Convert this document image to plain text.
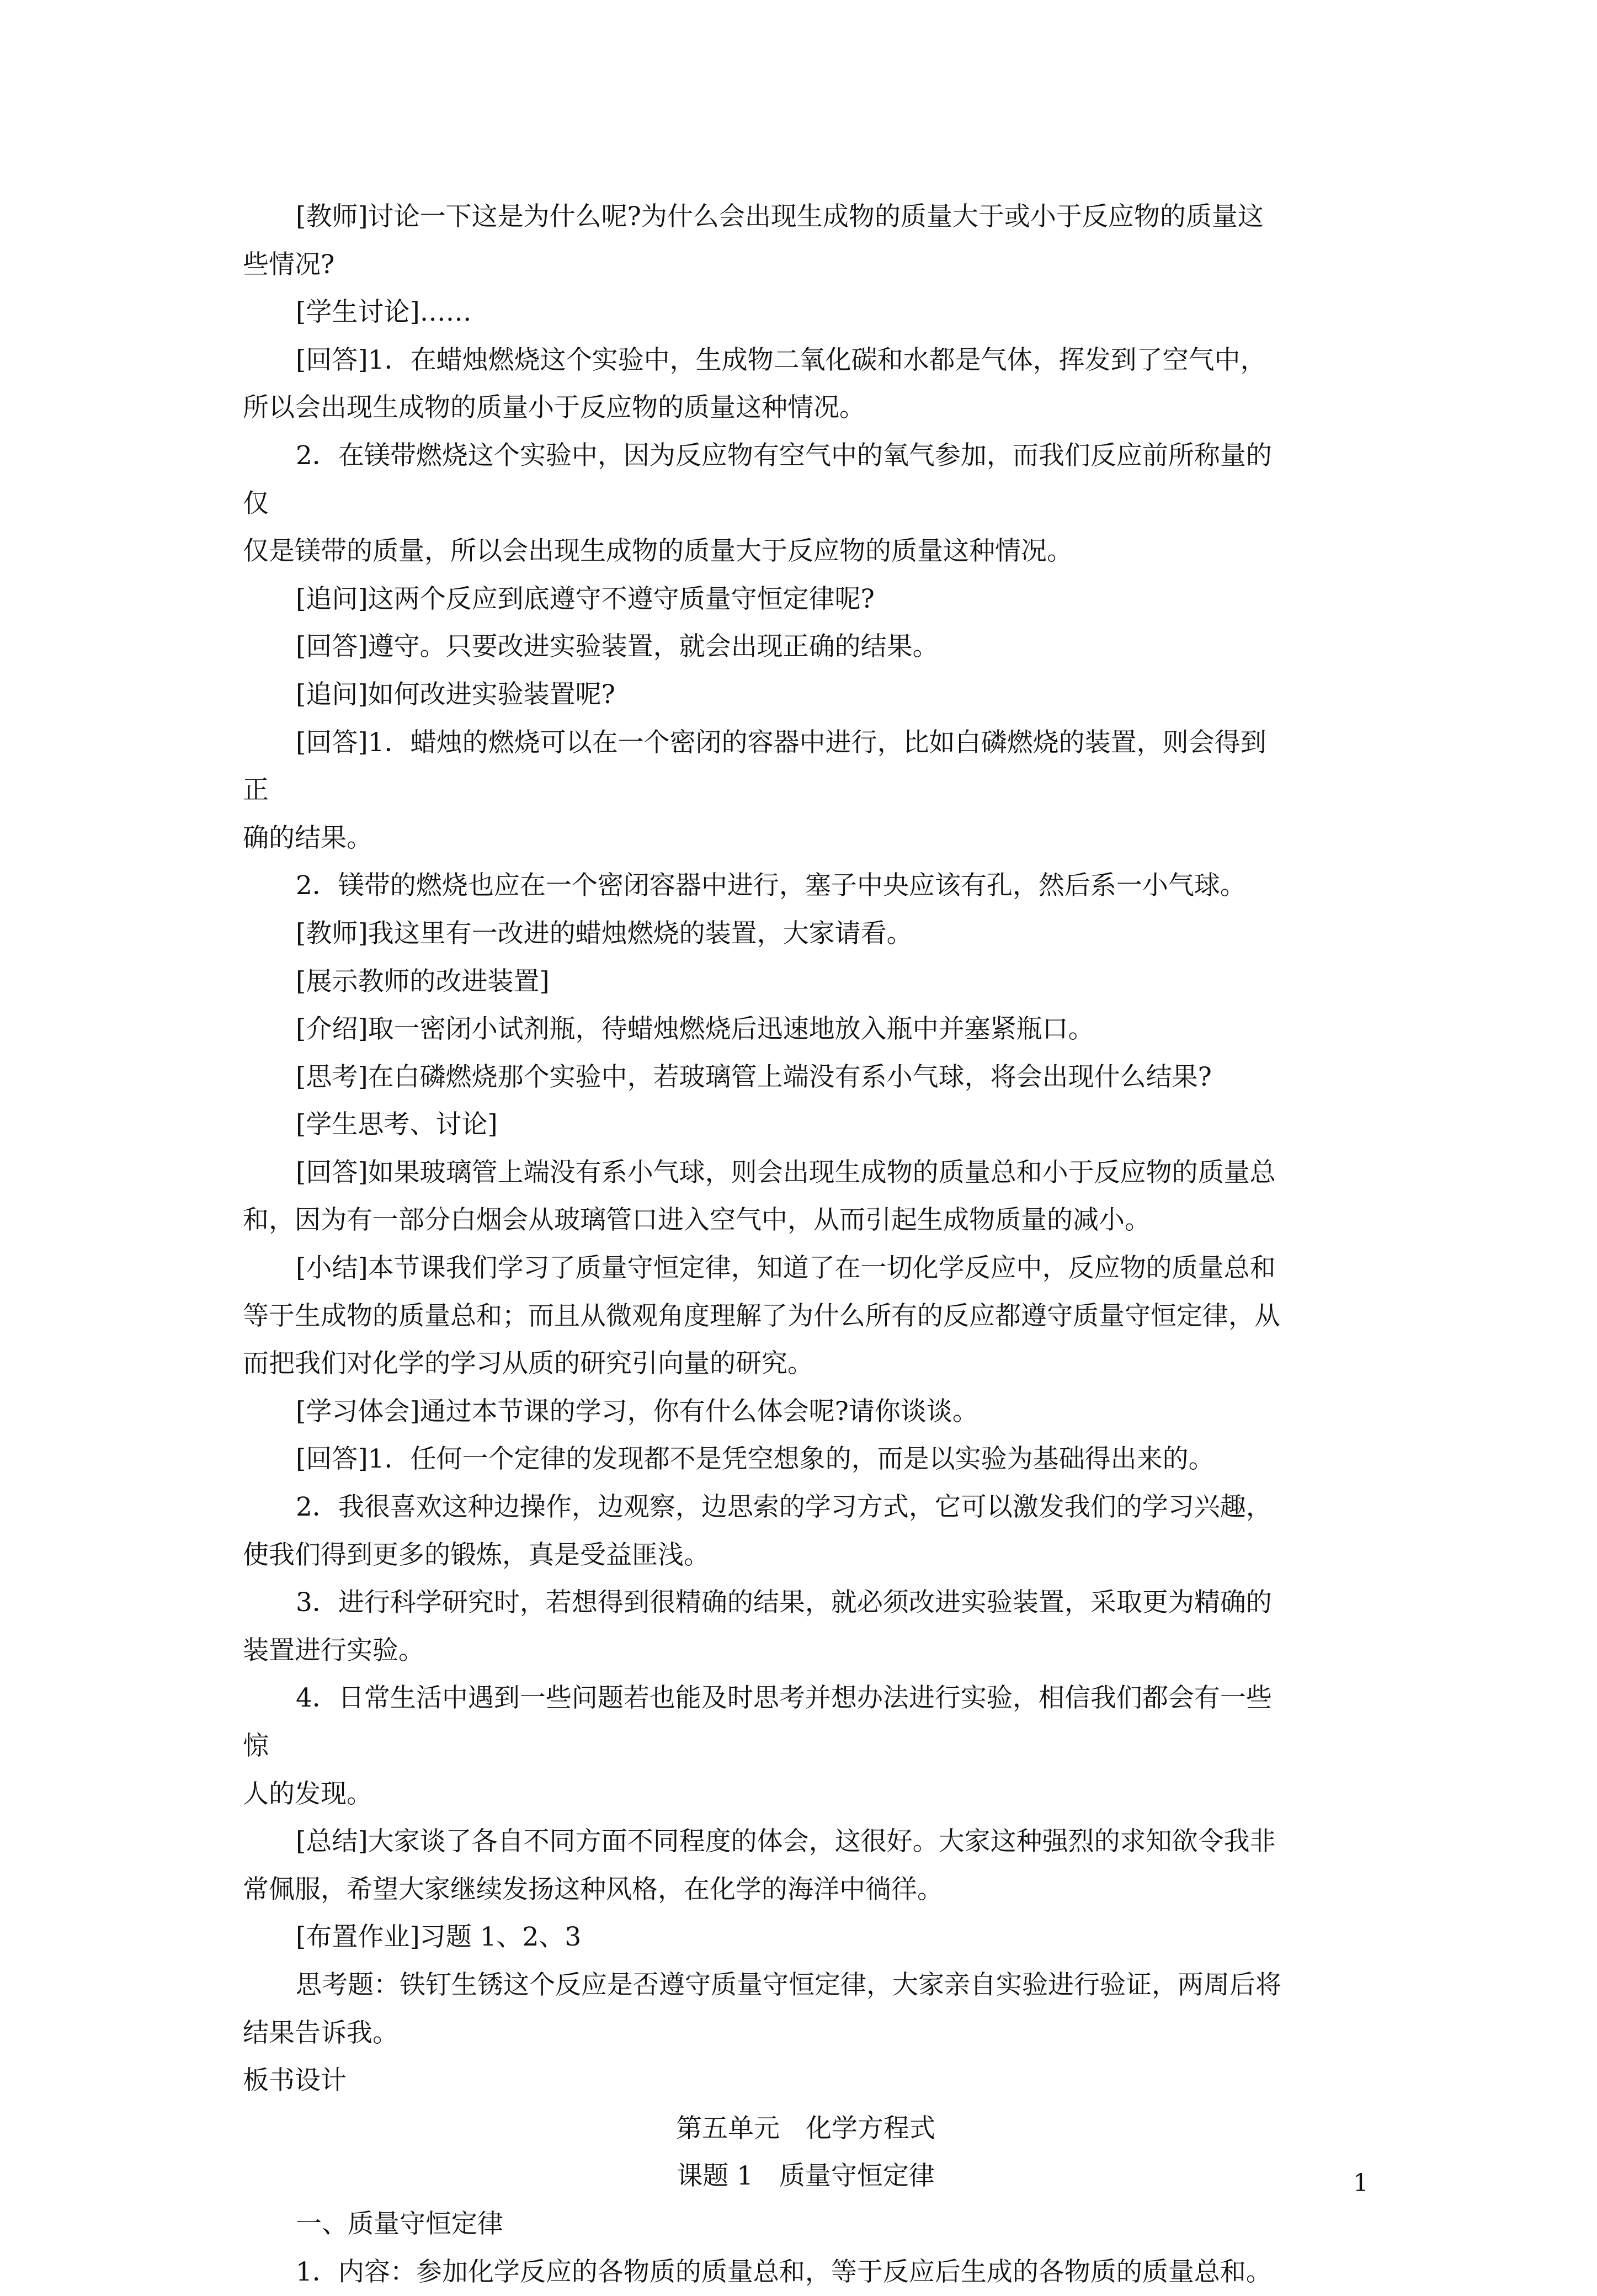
[教师]讨论一下这是为什么呢?为什么会出现生成物的质量大于或小于反应物的质量这

些情况?

[学生讨论]……

[回答]1．在蜡烛燃烧这个实验中，生成物二氧化碳和水都是气体，挥发到了空气中，

所以会出现生成物的质量小于反应物的质量这种情况。

2．在镁带燃烧这个实验中，因为反应物有空气中的氧气参加，而我们反应前所称量的

仅

仅是镁带的质量，所以会出现生成物的质量大于反应物的质量这种情况。

[追问]这两个反应到底遵守不遵守质量守恒定律呢?

[回答]遵守。只要改进实验装置，就会出现正确的结果。

[追问]如何改进实验装置呢?

[回答]1．蜡烛的燃烧可以在一个密闭的容器中进行，比如白磷燃烧的装置，则会得到

正

确的结果。

2．镁带的燃烧也应在一个密闭容器中进行，塞子中央应该有孔，然后系一小气球。

[教师]我这里有一改进的蜡烛燃烧的装置，大家请看。

[展示教师的改进装置]

[介绍]取一密闭小试剂瓶，待蜡烛燃烧后迅速地放入瓶中并塞紧瓶口。

[思考]在白磷燃烧那个实验中，若玻璃管上端没有系小气球，将会出现什么结果?

[学生思考、讨论]

[回答]如果玻璃管上端没有系小气球，则会出现生成物的质量总和小于反应物的质量总

和，因为有一部分白烟会从玻璃管口进入空气中，从而引起生成物质量的减小。

[小结]本节课我们学习了质量守恒定律，知道了在一切化学反应中，反应物的质量总和

等于生成物的质量总和；而且从微观角度理解了为什么所有的反应都遵守质量守恒定律，从

而把我们对化学的学习从质的研究引向量的研究。

[学习体会]通过本节课的学习，你有什么体会呢?请你谈谈。

[回答]1．任何一个定律的发现都不是凭空想象的，而是以实验为基础得出来的。

2．我很喜欢这种边操作，边观察，边思索的学习方式，它可以激发我们的学习兴趣，

使我们得到更多的锻炼，真是受益匪浅。

3．进行科学研究时，若想得到很精确的结果，就必须改进实验装置，采取更为精确的

装置进行实验。

4．日常生活中遇到一些问题若也能及时思考并想办法进行实验，相信我们都会有一些

惊

人的发现。

[总结]大家谈了各自不同方面不同程度的体会，这很好。大家这种强烈的求知欲令我非

常佩服，希望大家继续发扬这种风格，在化学的海洋中徜徉。

[布置作业]习题 1、2、3

思考题：铁钉生锈这个反应是否遵守质量守恒定律，大家亲自实验进行验证，两周后将

结果告诉我。

板书设计

第五单元　化学方程式

课题 1　质量守恒定律

一、质量守恒定律

1．内容：参加化学反应的各物质的质量总和，等于反应后生成的各物质的质量总和。

1
